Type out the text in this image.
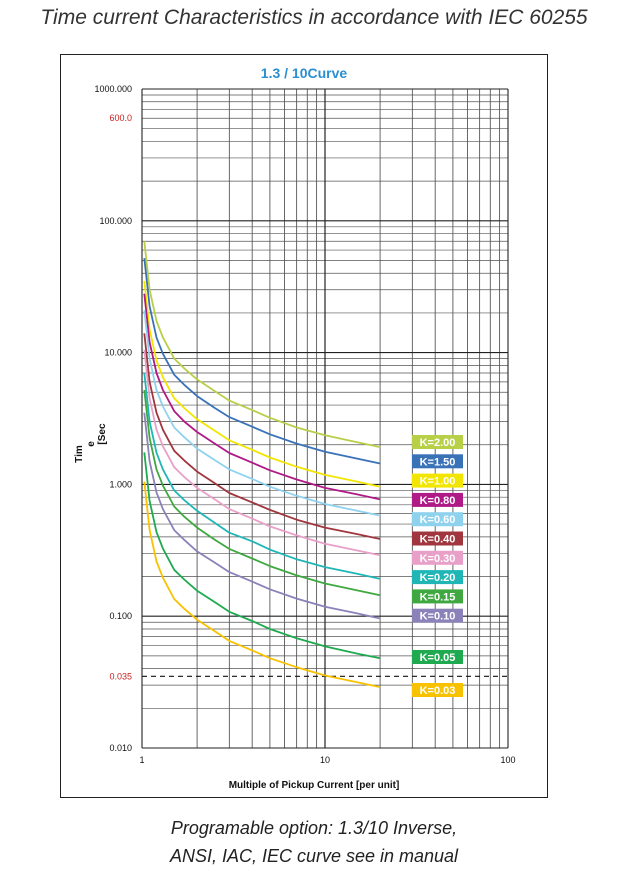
Time current Characteristics in accordance with IEC 60255
1.3 / 10Curve
0.010
0.035
0.100
1.000
10.000
100.000
600.0
1000.000
1	10	100
K=2.00
K=1.50
K=1.00
K=0.80
K=0.60
K=0.40
K=0.30
K=0.20
K=0.15
K=0.10
K=0.05
K=0.03
Multiple of Pickup Current [per unit]
Tim
e [Sec
Programable option: 1.3/10 Inverse,
ANSI, IAC, IEC curve see in manual
